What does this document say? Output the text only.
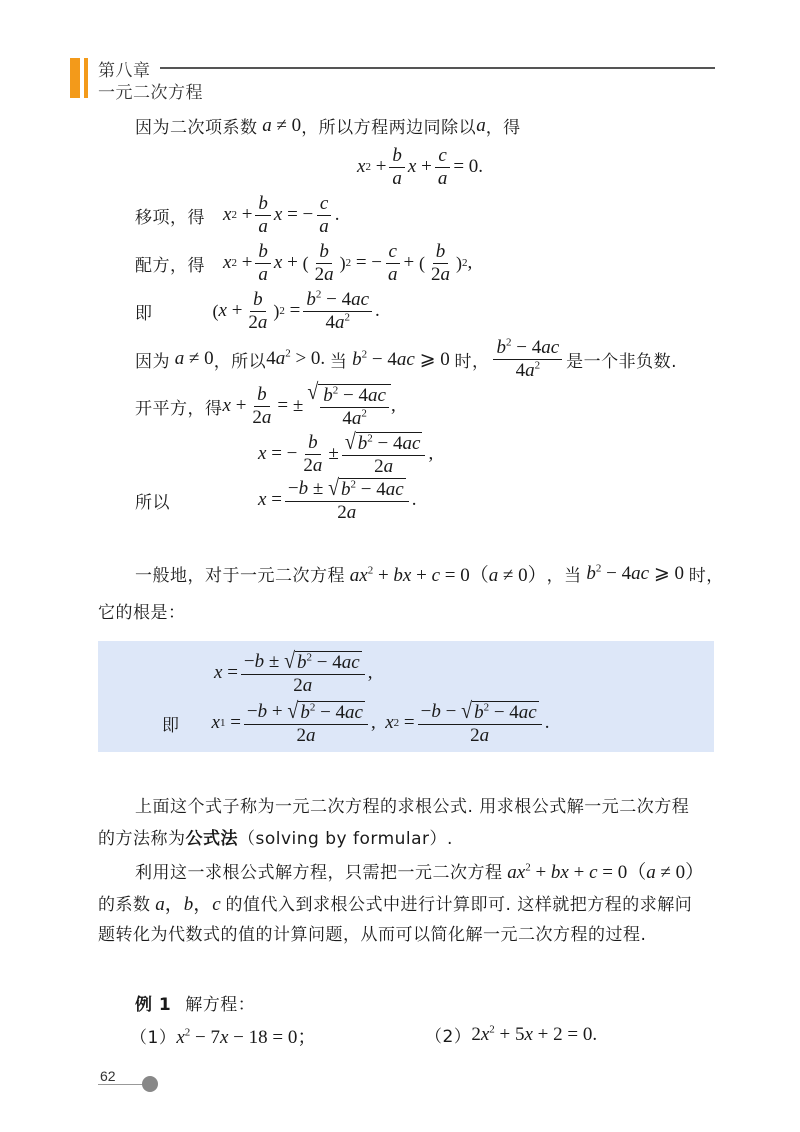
第八章
一元二次方程
因为二次项系数 a ≠ 0 ，所以方程两边同除以 a ，得
x $2 + \frac{b}{a}$ $x + \frac{c}{a} = 0$.
移项，得 x $2 + \frac{b}{a}$ x = − $\frac{c}{a}$ .
配方，得 x $2 + \frac{b}{a}$ x + ( $\frac{b}{2a}$ ) 2 = − $\frac{c}{a}$ + ( $\frac{b}{2a}$ ) 2 ,
即	( $x + \frac{b}{2a}$ ) $2 = \frac{b^2 - 4ac}{4a^2}$ .
因为 a ≠ 0 ，所以 $4a^2 > 0$. 当 $b^2 - 4ac$ ⩾ 0 时， $\frac{b^2 - 4ac}{4a^2}$ 是一个非负数.
开平方，得 $x + \frac{b}{2a}$ = ±
√ $\frac{b^2 - 4ac}{4a^2}$ ,
x = − $\frac{b}{2a} \pm \frac{√ b^2 - 4ac}{2a}$ ,
所以	$x = \frac{-b \pm √ b^2 - 4ac}{2a}$ .
一般地，对于一元二次方程 $ax^2$ + bx + c = 0（a ≠ 0） ，当 $b^2 - 4ac$ ⩾ 0 时，
它的根是：
$x = \frac{-b \pm √ b^2 - 4ac}{2a}$ ,
即 x $1 = \frac{-b + √ b^2 - 4ac}{2a}$ , x $2 = \frac{-b - √ b^2 - 4ac}{2a}$ .
上面这个式子称为一元二次方程的求根公式. 用求根公式解一元二次方程
的方法称为 公式法 （solving by formular）.
利用这一求根公式解方程，只需把一元二次方程 $ax^2$ + bx + c = 0（a ≠ 0）
的系数 a，b，c 的值代入到求根公式中进行计算即可. 这样就把方程的求解问
题转化为代数式的值的计算问题，从而可以简化解一元二次方程的过程.
例 1 解方程：
（1） $x^2 - 7x - 18 = 0$；	（2） $2x^2 + 5x + 2 = 0$.
62
